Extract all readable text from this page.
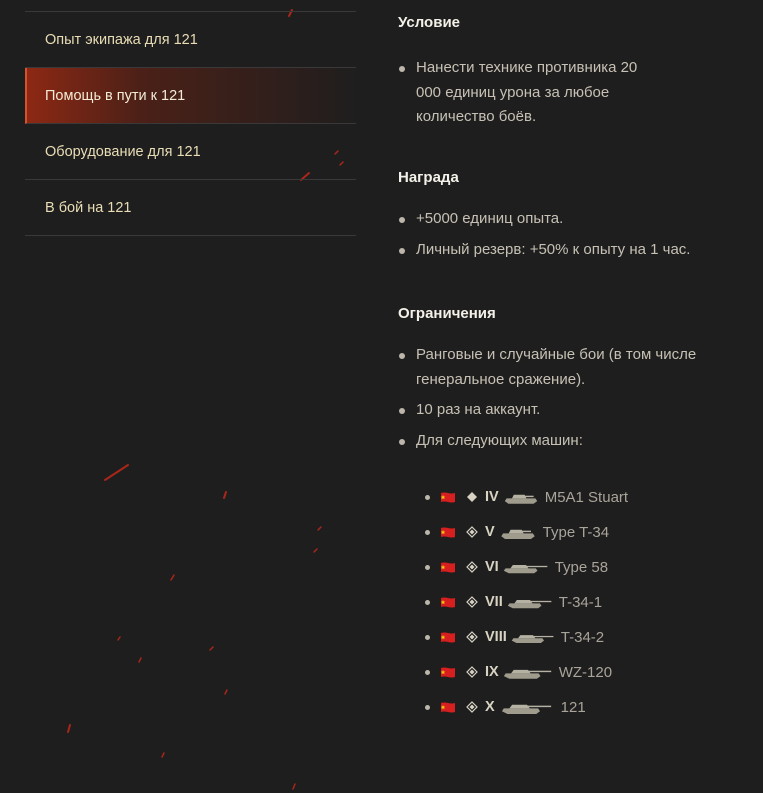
Опыт экипажа для 121
Помощь в пути к 121
Оборудование для 121
В бой на 121
Условие
Нанести технике противника 20 000 единиц урона за любое количество боёв.
Награда
+5000 единиц опыта.
Личный резерв: +50% к опыту на 1 час.
Ограничения
Ранговые и случайные бои (в том числе генеральное сражение).
10 раз на аккаунт.
Для следующих машин:
IV	M5A1 Stuart
V	Type T-34
VI	Type 58
VII	T-34-1
VIII	T-34-2
IX	WZ-120
X	121
